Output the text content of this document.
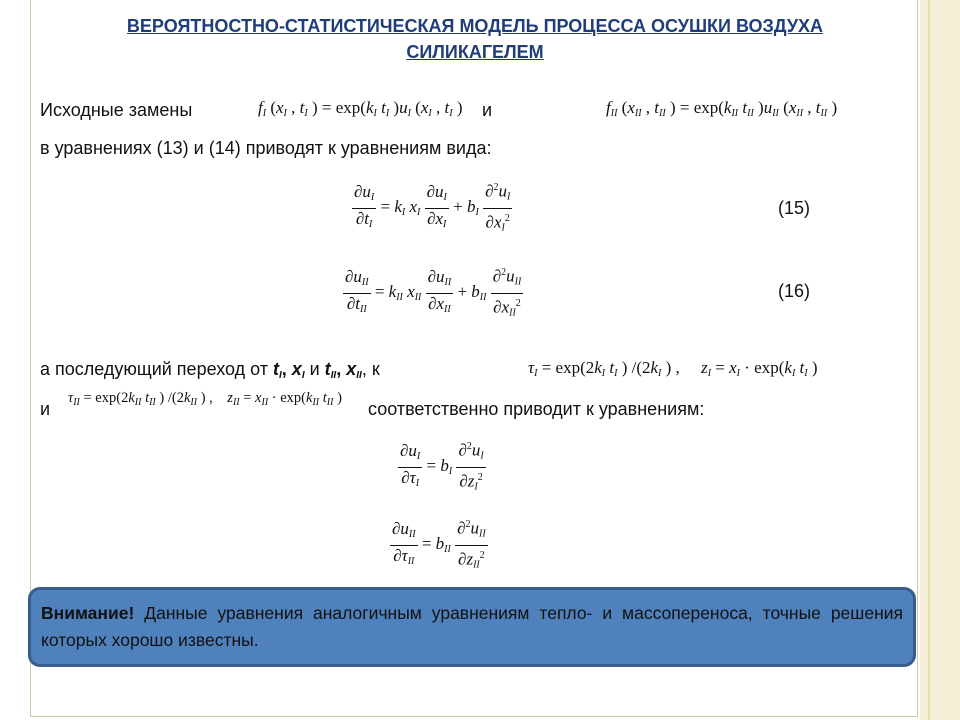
ВЕРОЯТНОСТНО-СТАТИСТИЧЕСКАЯ МОДЕЛЬ ПРОЦЕССА ОСУШКИ ВОЗДУХА
СИЛИКАГЕЛЕМ
Исходные замены	$f_I$ ($x_I$ , $t_I$ ) = $\exp(k_I$ $t_I$ )$u_I$ ($x_I$ , $t_I$ ) и	$f_{II}$ ($x_{II}$ , $t_{II}$ ) = $\exp(k_{II}$ $t_{II}$ )$u_{II}$ ($x_{II}$ , $t_{II}$ )
в уравнениях (13) и (14) приводят к уравнениям вида:
$\frac{\partial u_I}{\partial t_I} = k_I$ $x_I \frac{\partial u_I}{\partial x_I} + b_I \frac{\partial^2u_I}{\partial x_I^2}$	(15)
$\frac{\partial u_{II}}{\partial t_{II}} = k_{II}$ $x_{II} \frac{\partial u_{II}}{\partial x_{II}} + b_{II} \frac{\partial^2u_{II}}{\partial x_{II}^2}$	(16)
а последующий переход от $t_I$, $x_I$ и $t_{II}$, $x_{II}$, к	$\tau_I = \exp(2k_I$ $t_I$ ) $/(2k_I$ ) ,     $z_I = x_I \cdot \exp(k_I$ $t_I$ )
и
$\tau_{II} = \exp(2k_{II}$ $t_{II}$ ) $/(2k_{II}$ ) , $z_{II} = x_{II} \cdot \exp(k_{II}$ $t_{II}$ )
соответственно приводит к уравнениям:
$\frac{\partial u_I}{\partial\tau_I} = b_I \frac{\partial^2u_I}{\partial z_I^2}$
$\frac{\partial u_{II}}{\partial\tau_{II}} = b_{II} \frac{\partial^2u_{II}}{\partial z_{II}^2}$
Внимание! Данные уравнения аналогичным уравнениям тепло- и массопереноса, точные решения которых хорошо известны.
